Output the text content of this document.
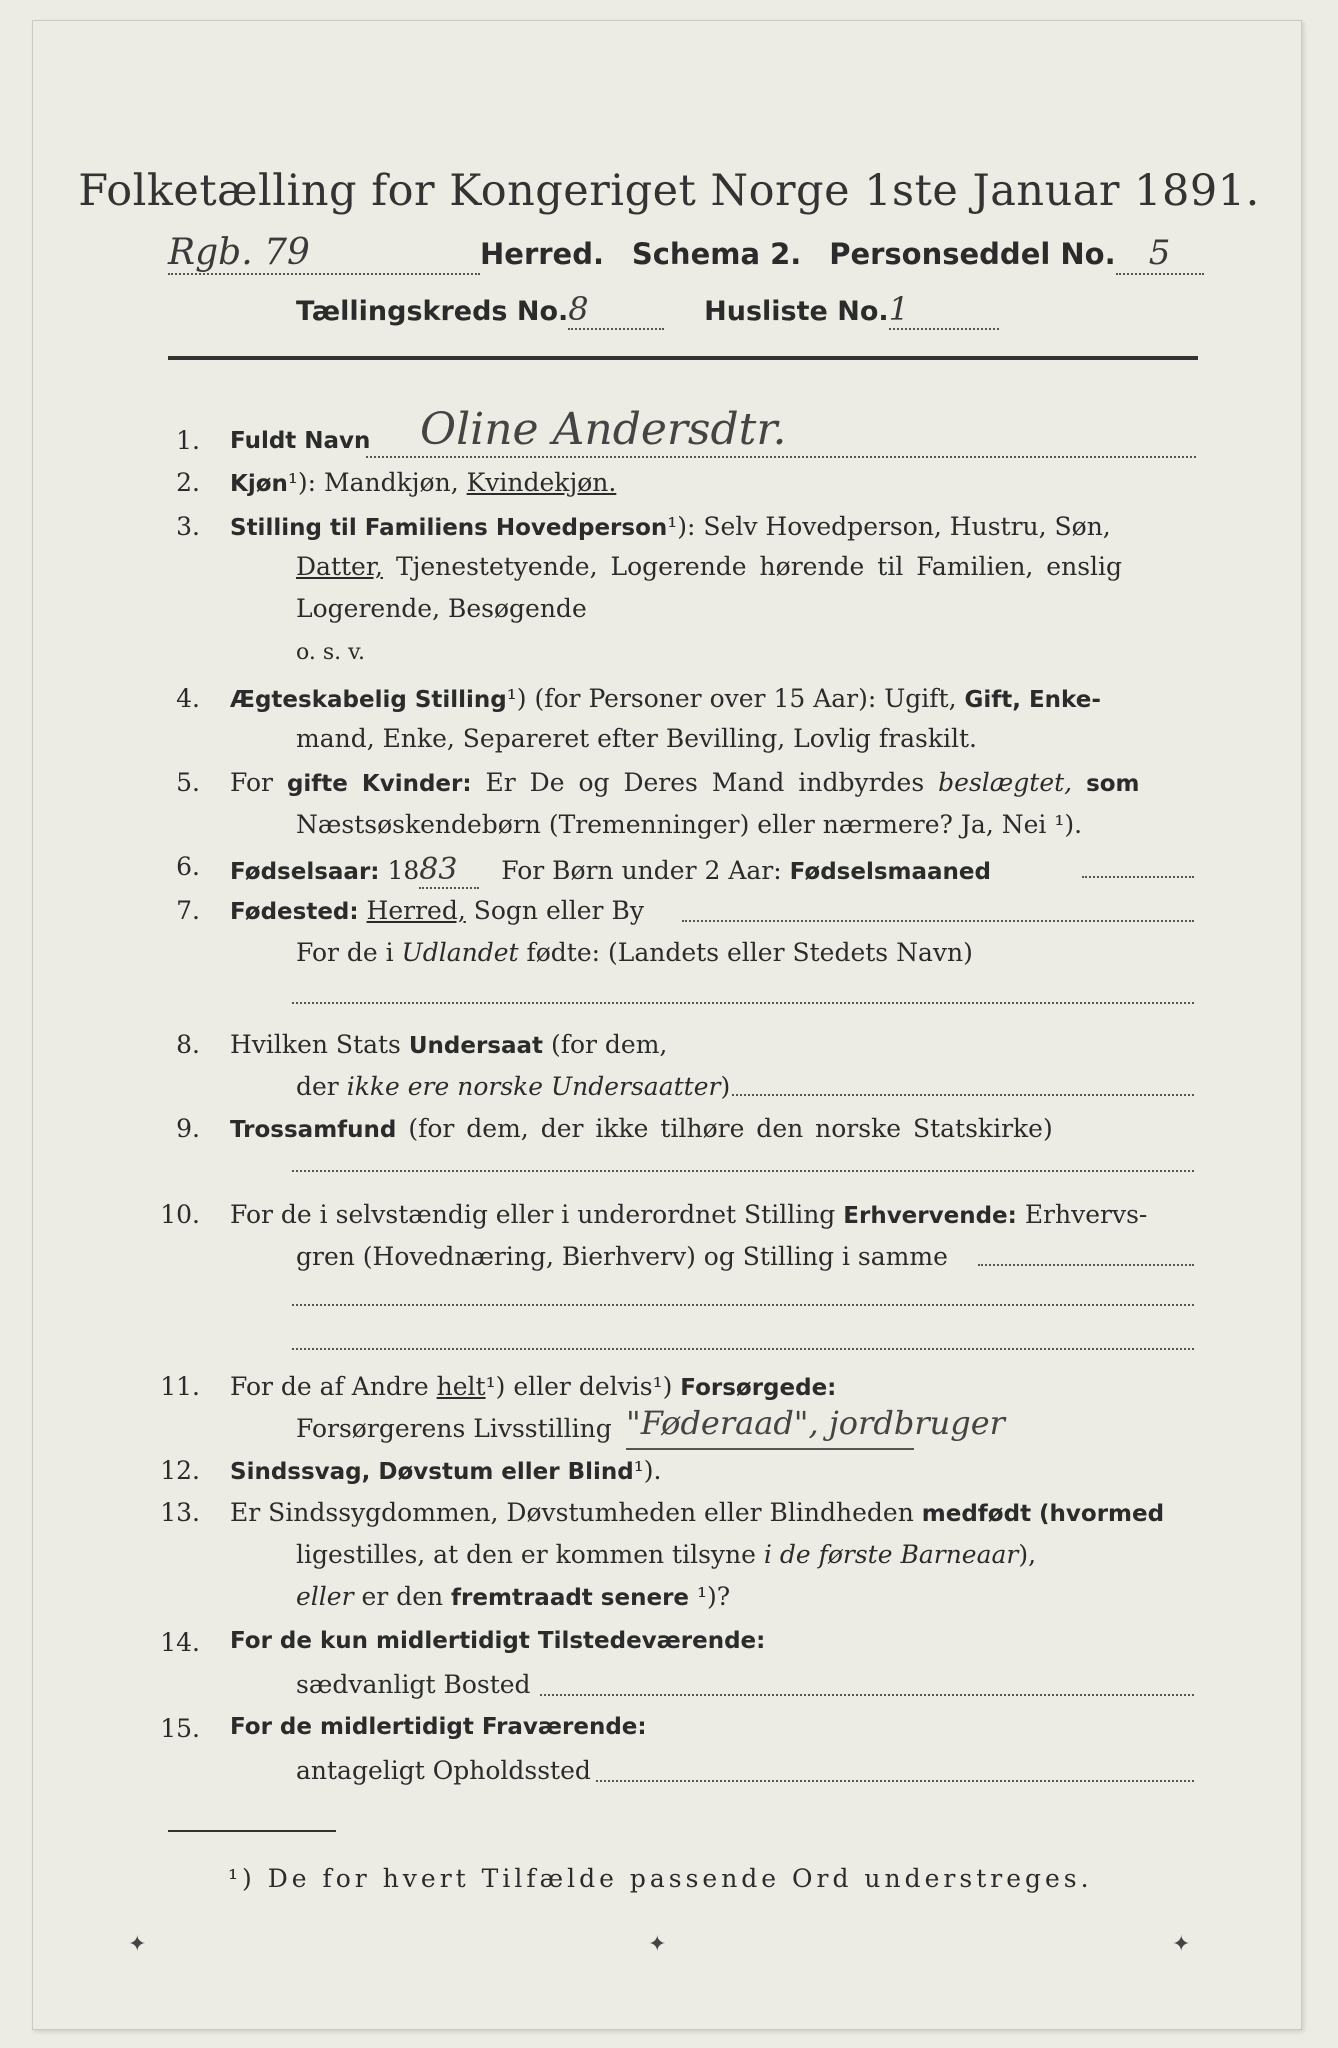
Folketælling for Kongeriget Norge 1ste Januar 1891.
Rgb. 79	Herred. Schema 2. Personseddel No. 5
Tællingskreds No.8	Husliste No.1
1. Fuldt Navn Oline Andersdtr.
2. Kjøn¹): Mandkjøn, Kvindekjøn.
3. Stilling til Familiens Hovedperson¹): Selv Hovedperson, Hustru, Søn,
Datter, Tjenestetyende, Logerende hørende til Familien, enslig
Logerende, Besøgende
o. s. v.
4. Ægteskabelig Stilling¹) (for Personer over 15 Aar): Ugift, Gift, Enke-
mand, Enke, Separeret efter Bevilling, Lovlig fraskilt.
5. For gifte Kvinder: Er De og Deres Mand indbyrdes beslægtet, som
Næstsøskendebørn (Tremenninger) eller nærmere? Ja, Nei ¹).
6. Fødselsaar: 1883 For Børn under 2 Aar: Fødselsmaaned
7. Fødested: Herred, Sogn eller By
For de i Udlandet fødte: (Landets eller Stedets Navn)
8. Hvilken Stats Undersaat (for dem,
der ikke ere norske Undersaatter)
9. Trossamfund (for dem, der ikke tilhøre den norske Statskirke)
10. For de i selvstændig eller i underordnet Stilling Erhvervende: Erhvervs-
gren (Hovednæring, Bierhverv) og Stilling i samme
11. For de af Andre helt¹) eller delvis¹) Forsørgede:
Forsørgerens Livsstilling "Føderaad", jordbruger
12. Sindssvag, Døvstum eller Blind¹).
13. Er Sindssygdommen, Døvstumheden eller Blindheden medfødt (hvormed
ligestilles, at den er kommen tilsyne i de første Barneaar),
eller er den fremtraadt senere ¹)?
14. For de kun midlertidigt Tilstedeværende:
sædvanligt Bosted
15. For de midlertidigt Fraværende:
antageligt Opholdssted
¹) De for hvert Tilfælde passende Ord understreges.
✦	✦	✦
